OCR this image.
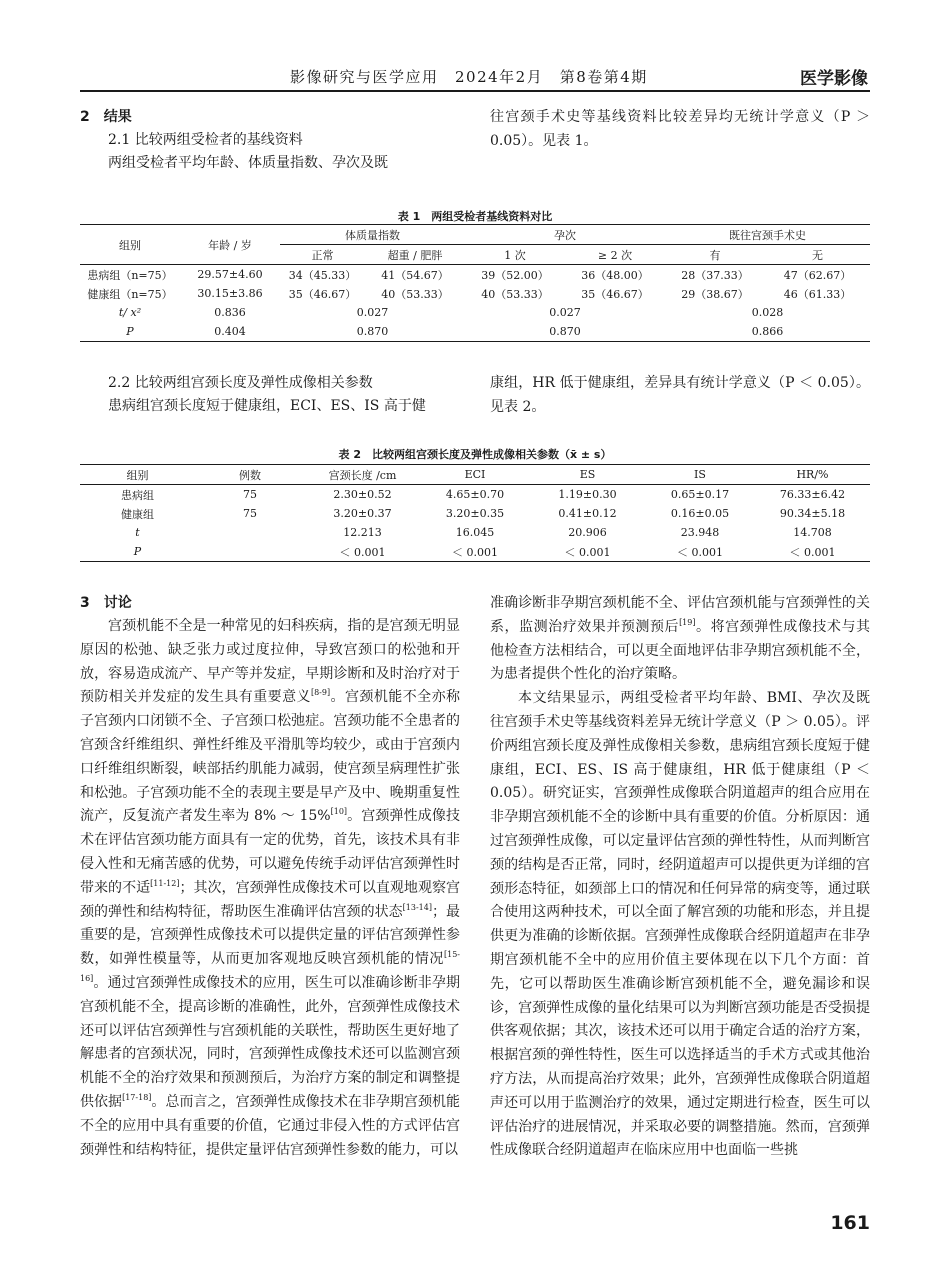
影像研究与医学应用　2024年2月　第8卷第4期	医学影像
2　结果
2.1 比较两组受检者的基线资料

两组受检者平均年龄、体质量指数、孕次及既

往宫颈手术史等基线资料比较差异均无统计学意义（P ＞ 0.05）。见表 1。

表 1　两组受检者基线资料对比
组别	年龄 / 岁	体质量指数		孕次		既往宫颈手术史	
		正常	超重 / 肥胖	1 次	≥ 2 次	有	无
患病组（n=75）	29.57±4.60	34（45.33）	41（54.67）	39（52.00）	36（48.00）	28（37.33）	47（62.67）
健康组（n=75）	30.15±3.86	35（46.67）	40（53.33）	40（53.33）	35（46.67）	29（38.67）	46（61.33）
t/ x²	0.836	0.027		0.027		0.028	
P	0.404	0.870		0.870		0.866	
2.2 比较两组宫颈长度及弹性成像相关参数

患病组宫颈长度短于健康组，ECI、ES、IS 高于健

康组，HR 低于健康组，差异具有统计学意义（P ＜ 0.05）。见表 2。

表 2　比较两组宫颈长度及弹性成像相关参数（x̄ ± s）
组别	例数	宫颈长度 /cm	ECI	ES	IS	HR/%
患病组	75	2.30±0.52	4.65±0.70	1.19±0.30	0.65±0.17	76.33±6.42
健康组	75	3.20±0.37	3.20±0.35	0.41±0.12	0.16±0.05	90.34±5.18
t		12.213	16.045	20.906	23.948	14.708
P		＜ 0.001	＜ 0.001	＜ 0.001	＜ 0.001	＜ 0.001
3　讨论

宫颈机能不全是一种常见的妇科疾病，指的是宫颈无明显原因的松弛、缺乏张力或过度拉伸，导致宫颈口的松弛和开放，容易造成流产、早产等并发症，早期诊断和及时治疗对于预防相关并发症的发生具有重要意义[8-9]。宫颈机能不全亦称子宫颈内口闭锁不全、子宫颈口松弛症。宫颈功能不全患者的宫颈含纤维组织、弹性纤维及平滑肌等均较少，或由于宫颈内口纤维组织断裂，峡部括约肌能力减弱，使宫颈呈病理性扩张和松弛。子宫颈功能不全的表现主要是早产及中、晚期重复性流产，反复流产者发生率为 8% ～ 15%[10]。宫颈弹性成像技术在评估宫颈功能方面具有一定的优势，首先，该技术具有非侵入性和无痛苦感的优势，可以避免传统手动评估宫颈弹性时带来的不适[11-12]；其次，宫颈弹性成像技术可以直观地观察宫颈的弹性和结构特征，帮助医生准确评估宫颈的状态[13-14]；最重要的是，宫颈弹性成像技术可以提供定量的评估宫颈弹性参数，如弹性模量等，从而更加客观地反映宫颈机能的情况[15-16]。通过宫颈弹性成像技术的应用，医生可以准确诊断非孕期宫颈机能不全，提高诊断的准确性，此外，宫颈弹性成像技术还可以评估宫颈弹性与宫颈机能的关联性，帮助医生更好地了解患者的宫颈状况，同时，宫颈弹性成像技术还可以监测宫颈机能不全的治疗效果和预测预后，为治疗方案的制定和调整提供依据[17-18]。总而言之，宫颈弹性成像技术在非孕期宫颈机能不全的应用中具有重要的价值，它通过非侵入性的方式评估宫颈弹性和结构特征，提供定量评估宫颈弹性参数的能力，可以

准确诊断非孕期宫颈机能不全、评估宫颈机能与宫颈弹性的关系，监测治疗效果并预测预后[19]。将宫颈弹性成像技术与其他检查方法相结合，可以更全面地评估非孕期宫颈机能不全，为患者提供个性化的治疗策略。

本文结果显示，两组受检者平均年龄、BMI、孕次及既往宫颈手术史等基线资料差异无统计学意义（P ＞ 0.05）。评价两组宫颈长度及弹性成像相关参数，患病组宫颈长度短于健康组，ECI、ES、IS 高于健康组，HR 低于健康组（P ＜ 0.05）。研究证实，宫颈弹性成像联合阴道超声的组合应用在非孕期宫颈机能不全的诊断中具有重要的价值。分析原因：通过宫颈弹性成像，可以定量评估宫颈的弹性特性，从而判断宫颈的结构是否正常，同时，经阴道超声可以提供更为详细的宫颈形态特征，如颈部上口的情况和任何异常的病变等，通过联合使用这两种技术，可以全面了解宫颈的功能和形态，并且提供更为准确的诊断依据。宫颈弹性成像联合经阴道超声在非孕期宫颈机能不全中的应用价值主要体现在以下几个方面：首先，它可以帮助医生准确诊断宫颈机能不全，避免漏诊和误诊，宫颈弹性成像的量化结果可以为判断宫颈功能是否受损提供客观依据；其次，该技术还可以用于确定合适的治疗方案，根据宫颈的弹性特性，医生可以选择适当的手术方式或其他治疗方法，从而提高治疗效果；此外，宫颈弹性成像联合阴道超声还可以用于监测治疗的效果，通过定期进行检查，医生可以评估治疗的进展情况，并采取必要的调整措施。然而，宫颈弹性成像联合经阴道超声在临床应用中也面临一些挑

161
